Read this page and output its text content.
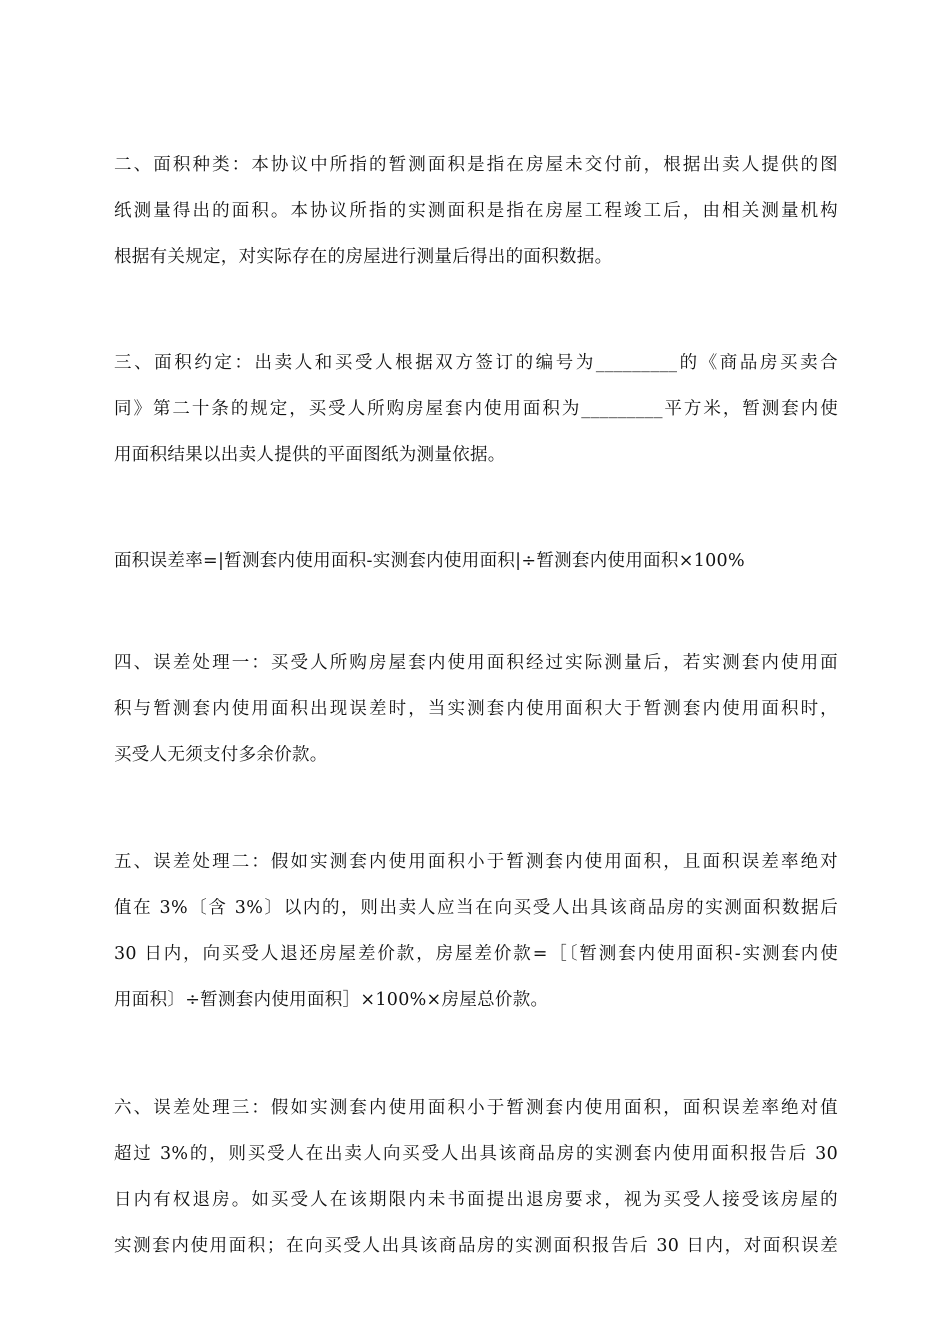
二、面积种类：本协议中所指的暂测面积是指在房屋未交付前，根据出卖人提供的图
纸测量得出的面积。本协议所指的实测面积是指在房屋工程竣工后，由相关测量机构
根据有关规定，对实际存在的房屋进行测量后得出的面积数据。
三、面积约定：出卖人和买受人根据双方签订的编号为_________的《商品房买卖合
同》第二十条的规定，买受人所购房屋套内使用面积为_________平方米，暂测套内使
用面积结果以出卖人提供的平面图纸为测量依据。
面积误差率=|暂测套内使用面积-实测套内使用面积|÷暂测套内使用面积×100%
四、误差处理一：买受人所购房屋套内使用面积经过实际测量后，若实测套内使用面
积与暂测套内使用面积出现误差时，当实测套内使用面积大于暂测套内使用面积时，
买受人无须支付多余价款。
五、误差处理二：假如实测套内使用面积小于暂测套内使用面积，且面积误差率绝对
值在 3%〔含 3%〕以内的，则出卖人应当在向买受人出具该商品房的实测面积数据后
30 日内，向买受人退还房屋差价款，房屋差价款=［〔暂测套内使用面积-实测套内使
用面积〕÷暂测套内使用面积］×100%×房屋总价款。
六、误差处理三：假如实测套内使用面积小于暂测套内使用面积，面积误差率绝对值
超过 3%的，则买受人在出卖人向买受人出具该商品房的实测套内使用面积报告后 30
日内有权退房。如买受人在该期限内未书面提出退房要求，视为买受人接受该房屋的
实测套内使用面积；在向买受人出具该商品房的实测面积报告后 30 日内，对面积误差
